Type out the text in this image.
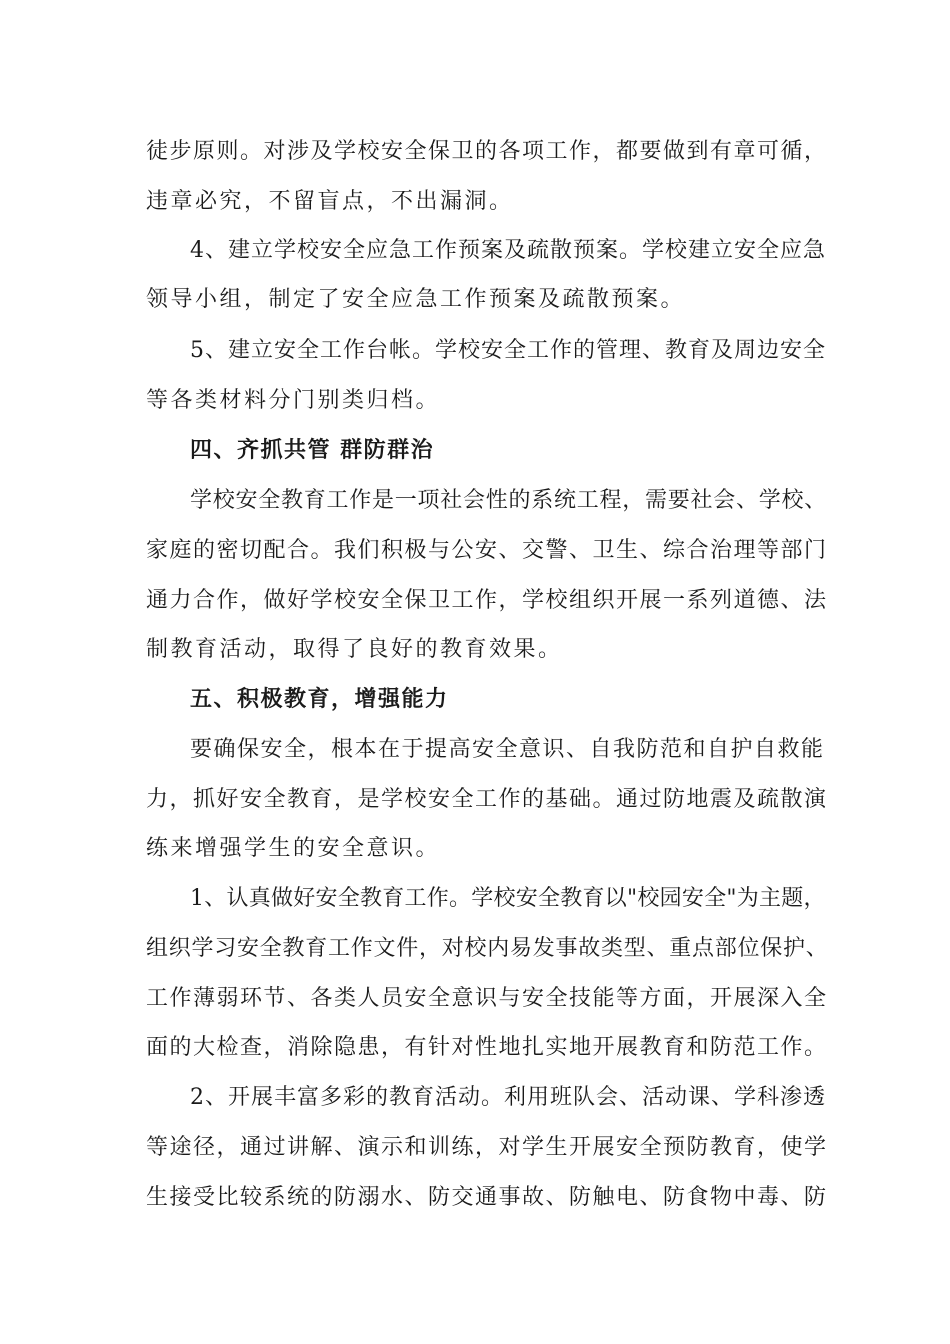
徒步原则。对涉及学校安全保卫的各项工作，都要做到有章可循，
违章必究，不留盲点，不出漏洞。
4、建立学校安全应急工作预案及疏散预案。学校建立安全应急
领导小组，制定了安全应急工作预案及疏散预案。
5、建立安全工作台帐。学校安全工作的管理、教育及周边安全
等各类材料分门别类归档。
四、齐抓共管 群防群治
学校安全教育工作是一项社会性的系统工程，需要社会、学校、
家庭的密切配合。我们积极与公安、交警、卫生、综合治理等部门
通力合作，做好学校安全保卫工作，学校组织开展一系列道德、法
制教育活动，取得了良好的教育效果。
五、积极教育，增强能力
要确保安全，根本在于提高安全意识、自我防范和自护自救能
力，抓好安全教育，是学校安全工作的基础。通过防地震及疏散演
练来增强学生的安全意识。
1、认真做好安全教育工作。学校安全教育以"校园安全"为主题，
组织学习安全教育工作文件，对校内易发事故类型、重点部位保护、
工作薄弱环节、各类人员安全意识与安全技能等方面，开展深入全
面的大检查，消除隐患，有针对性地扎实地开展教育和防范工作。
2、开展丰富多彩的教育活动。利用班队会、活动课、学科渗透
等途径，通过讲解、演示和训练，对学生开展安全预防教育，使学
生接受比较系统的防溺水、防交通事故、防触电、防食物中毒、防
